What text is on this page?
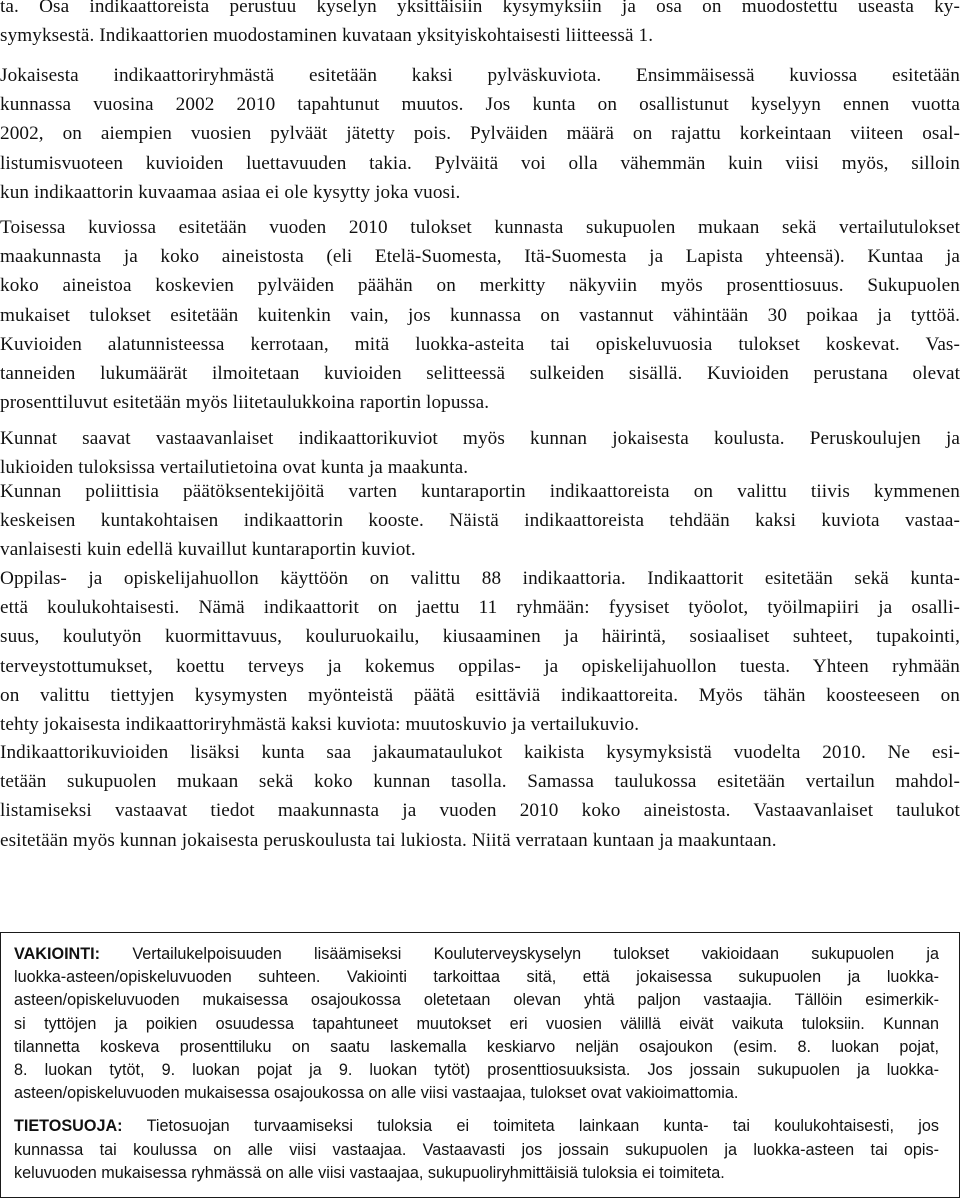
ta. Osa indikaattoreista perustuu kyselyn yksittäisiin kysymyksiin ja osa on muodostettu useasta ky-
symyksestä. Indikaattorien muodostaminen kuvataan yksityiskohtaisesti liitteessä 1.
Jokaisesta indikaattoriryhmästä esitetään kaksi pylväskuviota. Ensimmäisessä kuviossa esitetään
kunnassa vuosina 2002 2010 tapahtunut muutos. Jos kunta on osallistunut kyselyyn ennen vuotta
2002, on aiempien vuosien pylväät jätetty pois. Pylväiden määrä on rajattu korkeintaan viiteen osal-
listumisvuoteen kuvioiden luettavuuden takia. Pylväitä voi olla vähemmän kuin viisi myös, silloin
kun indikaattorin kuvaamaa asiaa ei ole kysytty joka vuosi.
Toisessa kuviossa esitetään vuoden 2010 tulokset kunnasta sukupuolen mukaan sekä vertailutulokset
maakunnasta ja koko aineistosta (eli Etelä-Suomesta, Itä-Suomesta ja Lapista yhteensä). Kuntaa ja
koko aineistoa koskevien pylväiden päähän on merkitty näkyviin myös prosenttiosuus. Sukupuolen
mukaiset tulokset esitetään kuitenkin vain, jos kunnassa on vastannut vähintään 30 poikaa ja tyttöä.
Kuvioiden alatunnisteessa kerrotaan, mitä luokka-asteita tai opiskeluvuosia tulokset koskevat. Vas-
tanneiden lukumäärät ilmoitetaan kuvioiden selitteessä sulkeiden sisällä. Kuvioiden perustana olevat
prosenttiluvut esitetään myös liitetaulukkoina raportin lopussa.
Kunnat saavat vastaavanlaiset indikaattorikuviot myös kunnan jokaisesta koulusta. Peruskoulujen ja
lukioiden tuloksissa vertailutietoina ovat kunta ja maakunta.
Kunnan poliittisia päätöksentekijöitä varten kuntaraportin indikaattoreista on valittu tiivis kymmenen
keskeisen kuntakohtaisen indikaattorin kooste. Näistä indikaattoreista tehdään kaksi kuviota vastaa-
vanlaisesti kuin edellä kuvaillut kuntaraportin kuviot.
Oppilas- ja opiskelijahuollon käyttöön on valittu 88 indikaattoria. Indikaattorit esitetään sekä kunta-
että koulukohtaisesti. Nämä indikaattorit on jaettu 11 ryhmään: fyysiset työolot, työilmapiiri ja osalli-
suus, koulutyön kuormittavuus, kouluruokailu, kiusaaminen ja häirintä, sosiaaliset suhteet, tupakointi,
terveystottumukset, koettu terveys ja kokemus oppilas- ja opiskelijahuollon tuesta. Yhteen ryhmään
on valittu tiettyjen kysymysten myönteistä päätä esittäviä indikaattoreita. Myös tähän koosteeseen on
tehty jokaisesta indikaattoriryhmästä kaksi kuviota: muutoskuvio ja vertailukuvio.
Indikaattorikuvioiden lisäksi kunta saa jakaumataulukot kaikista kysymyksistä vuodelta 2010. Ne esi-
tetään sukupuolen mukaan sekä koko kunnan tasolla. Samassa taulukossa esitetään vertailun mahdol-
listamiseksi vastaavat tiedot maakunnasta ja vuoden 2010 koko aineistosta. Vastaavanlaiset taulukot
esitetään myös kunnan jokaisesta peruskoulusta tai lukiosta. Niitä verrataan kuntaan ja maakuntaan.
VAKIOINTI: Vertailukelpoisuuden lisäämiseksi Kouluterveyskyselyn tulokset vakioidaan sukupuolen ja
luokka-asteen/opiskeluvuoden suhteen. Vakiointi tarkoittaa sitä, että jokaisessa sukupuolen ja luokka-
asteen/opiskeluvuoden mukaisessa osajoukossa oletetaan olevan yhtä paljon vastaajia. Tällöin esimerkik-
si tyttöjen ja poikien osuudessa tapahtuneet muutokset eri vuosien välillä eivät vaikuta tuloksiin. Kunnan
tilannetta koskeva prosenttiluku on saatu laskemalla keskiarvo neljän osajoukon (esim. 8. luokan pojat,
8. luokan tytöt, 9. luokan pojat ja 9. luokan tytöt) prosenttiosuuksista. Jos jossain sukupuolen ja luokka-
asteen/opiskeluvuoden mukaisessa osajoukossa on alle viisi vastaajaa, tulokset ovat vakioimattomia.
TIETOSUOJA: Tietosuojan turvaamiseksi tuloksia ei toimiteta lainkaan kunta- tai koulukohtaisesti, jos
kunnassa tai koulussa on alle viisi vastaajaa. Vastaavasti jos jossain sukupuolen ja luokka-asteen tai opis-
keluvuoden mukaisessa ryhmässä on alle viisi vastaajaa, sukupuoliryhmittäisiä tuloksia ei toimiteta.
